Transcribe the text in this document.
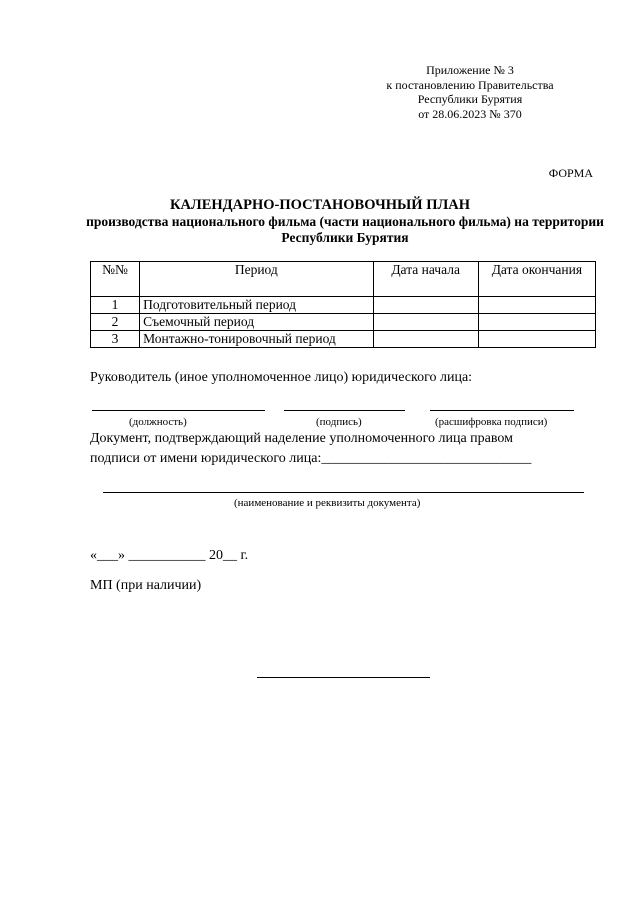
Приложение № 3
к постановлению Правительства
Республики Бурятия
от 28.06.2023 № 370
ФОРМА
КАЛЕНДАРНО-ПОСТАНОВОЧНЫЙ ПЛАН
производства национального фильма (части национального фильма) на территории Республики Бурятия
№№	Период	Дата начала	Дата окончания
1	Подготовительный период		
2	Съемочный период		
3	Монтажно-тонировочный период		
Руководитель (иное уполномоченное лицо) юридического лица:
(должность)	(подпись)	(расшифровка подписи)
Документ, подтверждающий наделение уполномоченного лица правом
подписи от имени юридического лица:______________________________
(наименование и реквизиты документа)
«___» ___________ 20__ г.
МП (при наличии)
